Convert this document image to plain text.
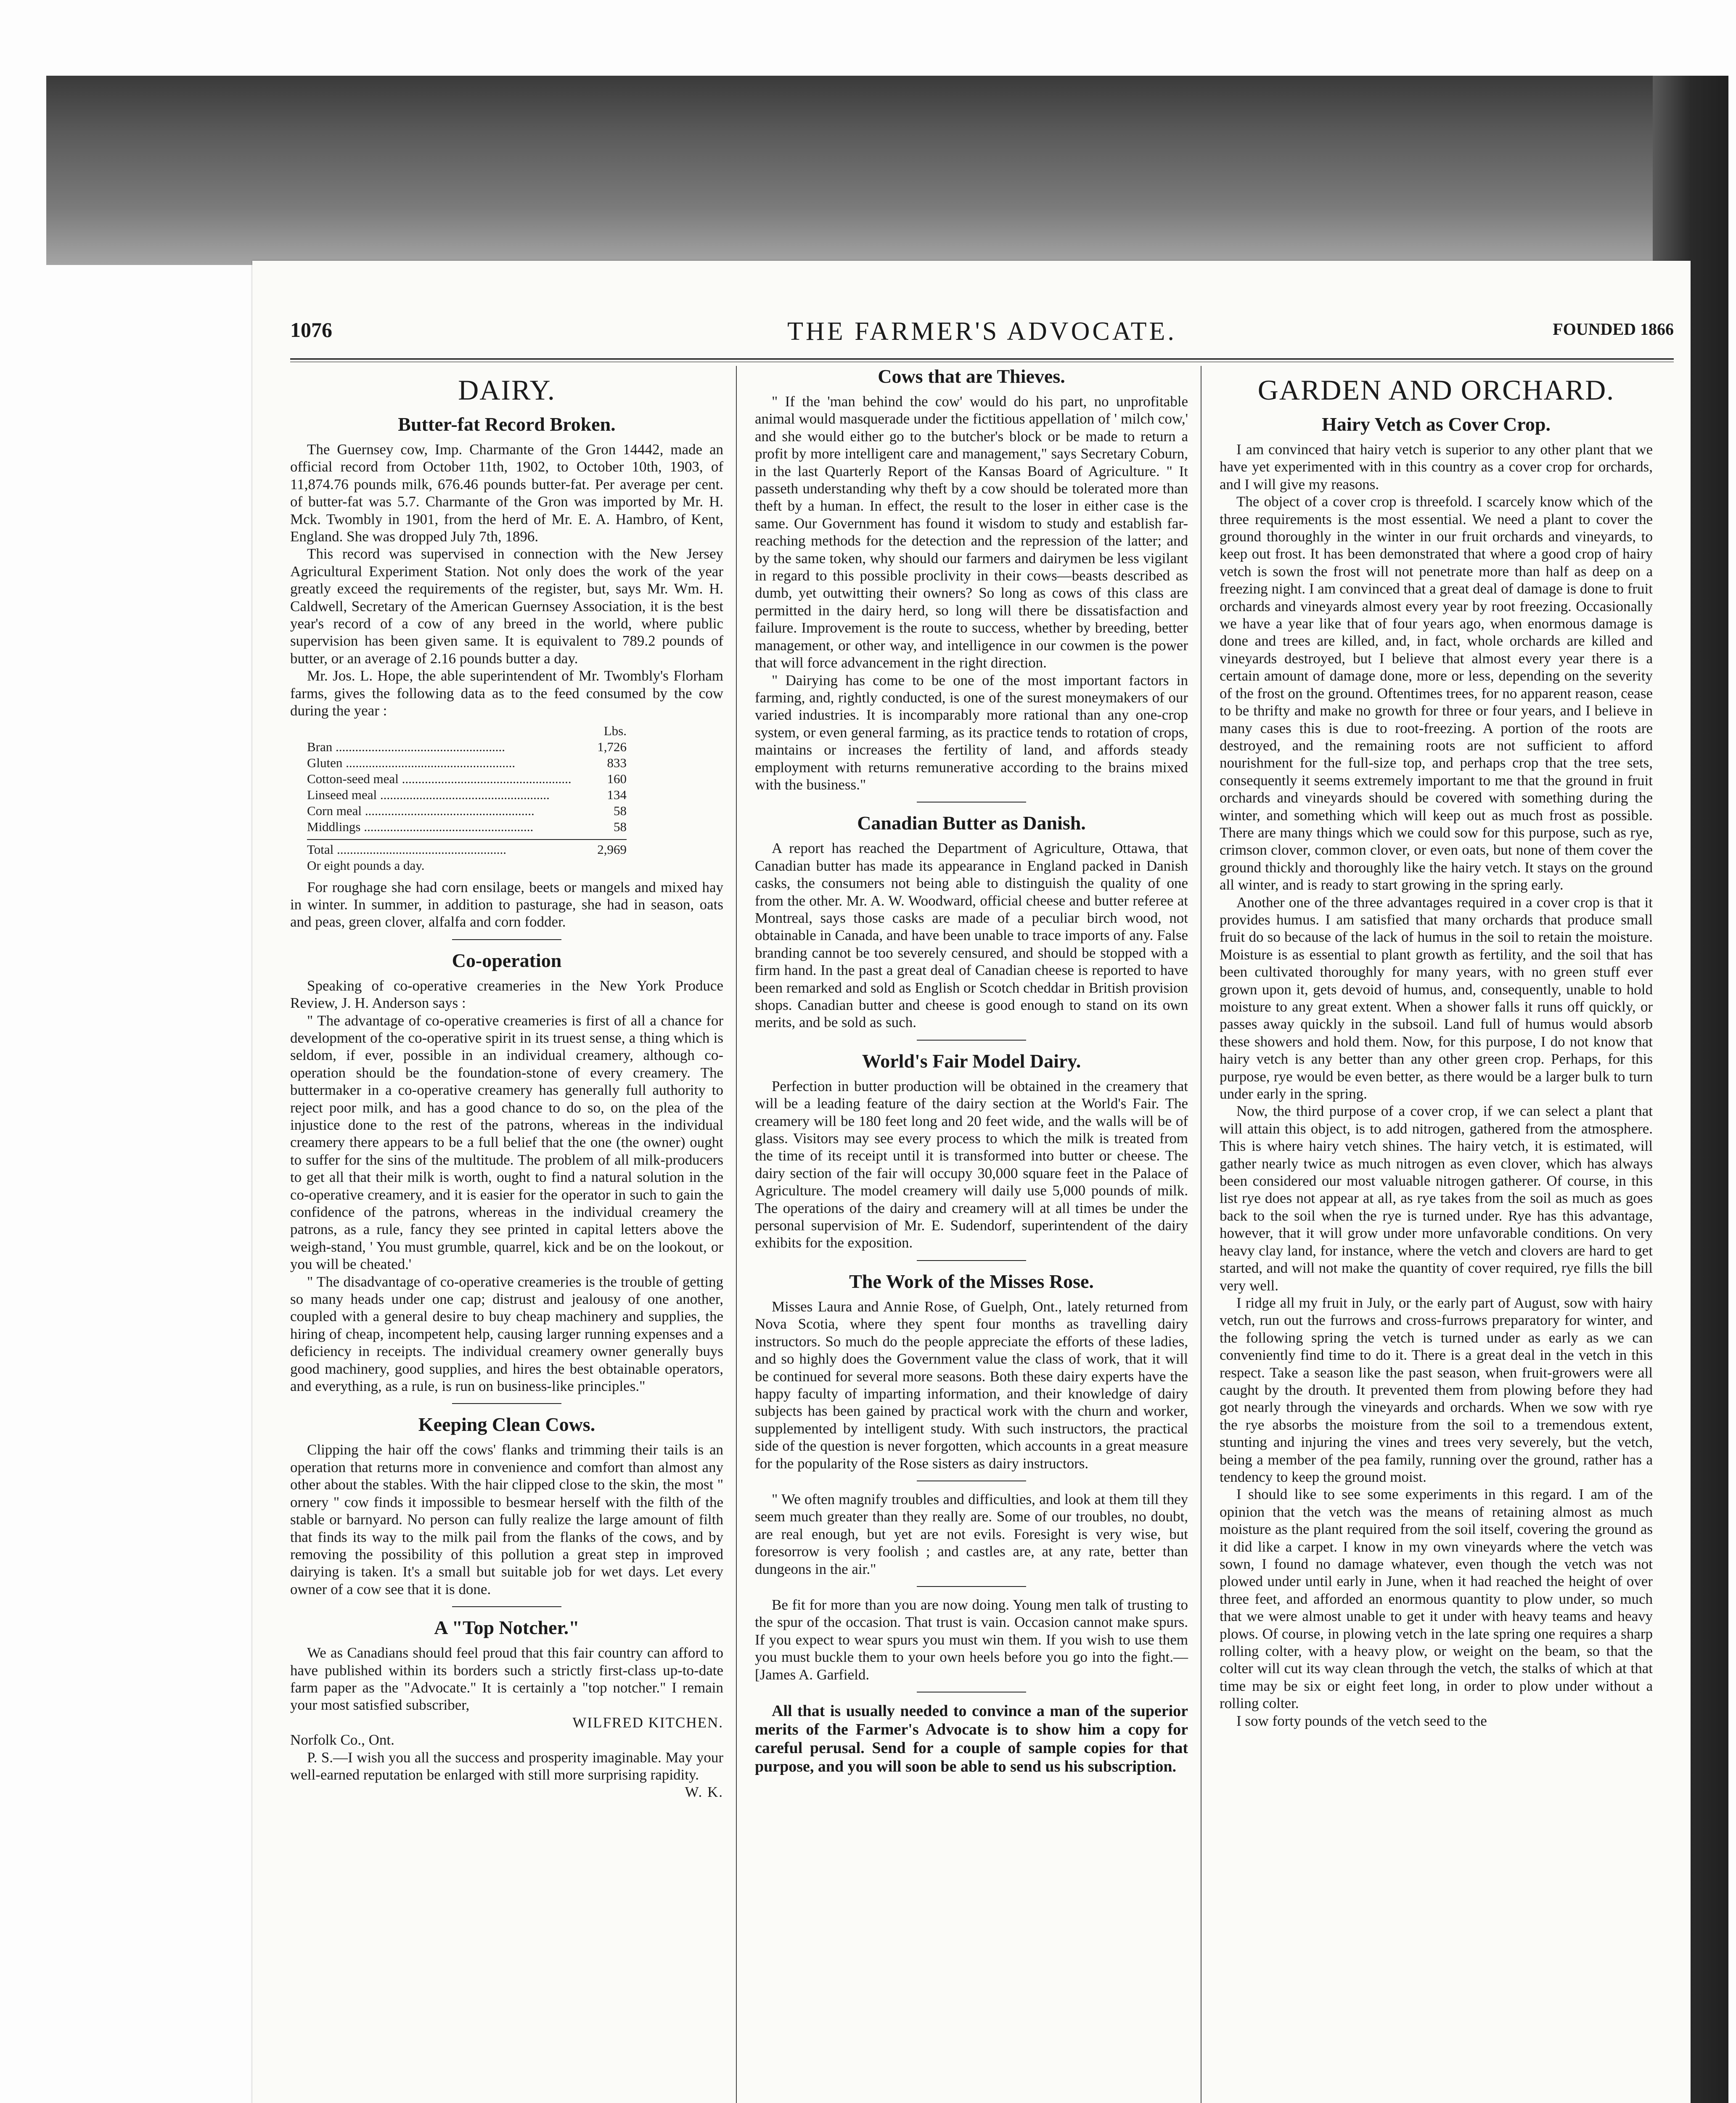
1076	THE FARMER'S ADVOCATE.	FOUNDED 1866
DAIRY.
Butter-fat Record Broken.

The Guernsey cow, Imp. Charmante of the Gron 14442, made an official record from October 11th, 1902, to October 10th, 1903, of 11,874.76 pounds milk, 676.46 pounds butter-fat. Per average per cent. of butter-fat was 5.7. Charmante of the Gron was imported by Mr. H. Mck. Twombly in 1901, from the herd of Mr. E. A. Hambro, of Kent, England. She was dropped July 7th, 1896.

This record was supervised in connection with the New Jersey Agricultural Experiment Station. Not only does the work of the year greatly exceed the requirements of the register, but, says Mr. Wm. H. Caldwell, Secretary of the American Guernsey Association, it is the best year's record of a cow of any breed in the world, where public supervision has been given same. It is equivalent to 789.2 pounds of butter, or an average of 2.16 pounds butter a day.

Mr. Jos. L. Hope, the able superintendent of Mr. Twombly's Florham farms, gives the following data as to the feed consumed by the cow during the year :

Lbs.
Bran .....	1,726
Gluten .....	833
Cotton-seed meal .....	160
Linseed meal .....	134
Corn meal .....	58
Middlings .....	58
Total .....	2,969
Or eight pounds a day.

For roughage she had corn ensilage, beets or mangels and mixed hay in winter. In summer, in addition to pasturage, she had in season, oats and peas, green clover, alfalfa and corn fodder.

Co-operation

Speaking of co-operative creameries in the New York Produce Review, J. H. Anderson says :

" The advantage of co-operative creameries is first of all a chance for development of the co-operative spirit in its truest sense, a thing which is seldom, if ever, possible in an individual creamery, although co-operation should be the foundation-stone of every creamery. The buttermaker in a co-operative creamery has generally full authority to reject poor milk, and has a good chance to do so, on the plea of the injustice done to the rest of the patrons, whereas in the individual creamery there appears to be a full belief that the one (the owner) ought to suffer for the sins of the multitude. The problem of all milk-producers to get all that their milk is worth, ought to find a natural solution in the co-operative creamery, and it is easier for the operator in such to gain the confidence of the patrons, whereas in the individual creamery the patrons, as a rule, fancy they see printed in capital letters above the weigh-stand, ' You must grumble, quarrel, kick and be on the lookout, or you will be cheated.'

" The disadvantage of co-operative creameries is the trouble of getting so many heads under one cap; distrust and jealousy of one another, coupled with a general desire to buy cheap machinery and supplies, the hiring of cheap, incompetent help, causing larger running expenses and a deficiency in receipts. The individual creamery owner generally buys good machinery, good supplies, and hires the best obtainable operators, and everything, as a rule, is run on business-like principles."

Keeping Clean Cows.

Clipping the hair off the cows' flanks and trimming their tails is an operation that returns more in convenience and comfort than almost any other about the stables. With the hair clipped close to the skin, the most " ornery " cow finds it impossible to besmear herself with the filth of the stable or barnyard. No person can fully realize the large amount of filth that finds its way to the milk pail from the flanks of the cows, and by removing the possibility of this pollution a great step in improved dairying is taken. It's a small but suitable job for wet days. Let every owner of a cow see that it is done.

A "Top Notcher."

We as Canadians should feel proud that this fair country can afford to have published within its borders such a strictly first-class up-to-date farm paper as the "Advocate." It is certainly a "top notcher." I remain your most satisfied subscriber,

WILFRED KITCHEN.

Norfolk Co., Ont.

P. S.—I wish you all the success and prosperity imaginable. May your well-earned reputation be enlarged with still more surprising rapidity.

W. K.
Cows that are Thieves.

" If the 'man behind the cow' would do his part, no unprofitable animal would masquerade under the fictitious appellation of ' milch cow,' and she would either go to the butcher's block or be made to return a profit by more intelligent care and management," says Secretary Coburn, in the last Quarterly Report of the Kansas Board of Agriculture. " It passeth understanding why theft by a cow should be tolerated more than theft by a human. In effect, the result to the loser in either case is the same. Our Government has found it wisdom to study and establish far-reaching methods for the detection and the repression of the latter; and by the same token, why should our farmers and dairymen be less vigilant in regard to this possible proclivity in their cows—beasts described as dumb, yet outwitting their owners? So long as cows of this class are permitted in the dairy herd, so long will there be dissatisfaction and failure. Improvement is the route to success, whether by breeding, better management, or other way, and intelligence in our cowmen is the power that will force advancement in the right direction.

" Dairying has come to be one of the most important factors in farming, and, rightly conducted, is one of the surest moneymakers of our varied industries. It is incomparably more rational than any one-crop system, or even general farming, as its practice tends to rotation of crops, maintains or increases the fertility of land, and affords steady employment with returns remunerative according to the brains mixed with the business."

Canadian Butter as Danish.

A report has reached the Department of Agriculture, Ottawa, that Canadian butter has made its appearance in England packed in Danish casks, the consumers not being able to distinguish the quality of one from the other. Mr. A. W. Woodward, official cheese and butter referee at Montreal, says those casks are made of a peculiar birch wood, not obtainable in Canada, and have been unable to trace imports of any. False branding cannot be too severely censured, and should be stopped with a firm hand. In the past a great deal of Canadian cheese is reported to have been remarked and sold as English or Scotch cheddar in British provision shops. Canadian butter and cheese is good enough to stand on its own merits, and be sold as such.

World's Fair Model Dairy.

Perfection in butter production will be obtained in the creamery that will be a leading feature of the dairy section at the World's Fair. The creamery will be 180 feet long and 20 feet wide, and the walls will be of glass. Visitors may see every process to which the milk is treated from the time of its receipt until it is transformed into butter or cheese. The dairy section of the fair will occupy 30,000 square feet in the Palace of Agriculture. The model creamery will daily use 5,000 pounds of milk. The operations of the dairy and creamery will at all times be under the personal supervision of Mr. E. Sudendorf, superintendent of the dairy exhibits for the exposition.

The Work of the Misses Rose.

Misses Laura and Annie Rose, of Guelph, Ont., lately returned from Nova Scotia, where they spent four months as travelling dairy instructors. So much do the people appreciate the efforts of these ladies, and so highly does the Government value the class of work, that it will be continued for several more seasons. Both these dairy experts have the happy faculty of imparting information, and their knowledge of dairy subjects has been gained by practical work with the churn and worker, supplemented by intelligent study. With such instructors, the practical side of the question is never forgotten, which accounts in a great measure for the popularity of the Rose sisters as dairy instructors.

" We often magnify troubles and difficulties, and look at them till they seem much greater than they really are. Some of our troubles, no doubt, are real enough, but yet are not evils. Foresight is very wise, but foresorrow is very foolish ; and castles are, at any rate, better than dungeons in the air."

Be fit for more than you are now doing. Young men talk of trusting to the spur of the occasion. That trust is vain. Occasion cannot make spurs. If you expect to wear spurs you must win them. If you wish to use them you must buckle them to your own heels before you go into the fight.—[James A. Garfield.

All that is usually needed to convince a man of the superior merits of the Farmer's Advocate is to show him a copy for careful perusal. Send for a couple of sample copies for that purpose, and you will soon be able to send us his subscription.

GARDEN AND ORCHARD.
Hairy Vetch as Cover Crop.

I am convinced that hairy vetch is superior to any other plant that we have yet experimented with in this country as a cover crop for orchards, and I will give my reasons.

The object of a cover crop is threefold. I scarcely know which of the three requirements is the most essential. We need a plant to cover the ground thoroughly in the winter in our fruit orchards and vineyards, to keep out frost. It has been demonstrated that where a good crop of hairy vetch is sown the frost will not penetrate more than half as deep on a freezing night. I am convinced that a great deal of damage is done to fruit orchards and vineyards almost every year by root freezing. Occasionally we have a year like that of four years ago, when enormous damage is done and trees are killed, and, in fact, whole orchards are killed and vineyards destroyed, but I believe that almost every year there is a certain amount of damage done, more or less, depending on the severity of the frost on the ground. Oftentimes trees, for no apparent reason, cease to be thrifty and make no growth for three or four years, and I believe in many cases this is due to root-freezing. A portion of the roots are destroyed, and the remaining roots are not sufficient to afford nourishment for the full-size top, and perhaps crop that the tree sets, consequently it seems extremely important to me that the ground in fruit orchards and vineyards should be covered with something during the winter, and something which will keep out as much frost as possible. There are many things which we could sow for this purpose, such as rye, crimson clover, common clover, or even oats, but none of them cover the ground thickly and thoroughly like the hairy vetch. It stays on the ground all winter, and is ready to start growing in the spring early.

Another one of the three advantages required in a cover crop is that it provides humus. I am satisfied that many orchards that produce small fruit do so because of the lack of humus in the soil to retain the moisture. Moisture is as essential to plant growth as fertility, and the soil that has been cultivated thoroughly for many years, with no green stuff ever grown upon it, gets devoid of humus, and, consequently, unable to hold moisture to any great extent. When a shower falls it runs off quickly, or passes away quickly in the subsoil. Land full of humus would absorb these showers and hold them. Now, for this purpose, I do not know that hairy vetch is any better than any other green crop. Perhaps, for this purpose, rye would be even better, as there would be a larger bulk to turn under early in the spring.

Now, the third purpose of a cover crop, if we can select a plant that will attain this object, is to add nitrogen, gathered from the atmosphere. This is where hairy vetch shines. The hairy vetch, it is estimated, will gather nearly twice as much nitrogen as even clover, which has always been considered our most valuable nitrogen gatherer. Of course, in this list rye does not appear at all, as rye takes from the soil as much as goes back to the soil when the rye is turned under. Rye has this advantage, however, that it will grow under more unfavorable conditions. On very heavy clay land, for instance, where the vetch and clovers are hard to get started, and will not make the quantity of cover required, rye fills the bill very well.

I ridge all my fruit in July, or the early part of August, sow with hairy vetch, run out the furrows and cross-furrows preparatory for winter, and the following spring the vetch is turned under as early as we can conveniently find time to do it. There is a great deal in the vetch in this respect. Take a season like the past season, when fruit-growers were all caught by the drouth. It prevented them from plowing before they had got nearly through the vineyards and orchards. When we sow with rye the rye absorbs the moisture from the soil to a tremendous extent, stunting and injuring the vines and trees very severely, but the vetch, being a member of the pea family, running over the ground, rather has a tendency to keep the ground moist.

I should like to see some experiments in this regard. I am of the opinion that the vetch was the means of retaining almost as much moisture as the plant required from the soil itself, covering the ground as it did like a carpet. I know in my own vineyards where the vetch was sown, I found no damage whatever, even though the vetch was not plowed under until early in June, when it had reached the height of over three feet, and afforded an enormous quantity to plow under, so much that we were almost unable to get it under with heavy teams and heavy plows. Of course, in plowing vetch in the late spring one requires a sharp rolling colter, with a heavy plow, or weight on the beam, so that the colter will cut its way clean through the vetch, the stalks of which at that time may be six or eight feet long, in order to plow under without a rolling colter.

I sow forty pounds of the vetch seed to the
